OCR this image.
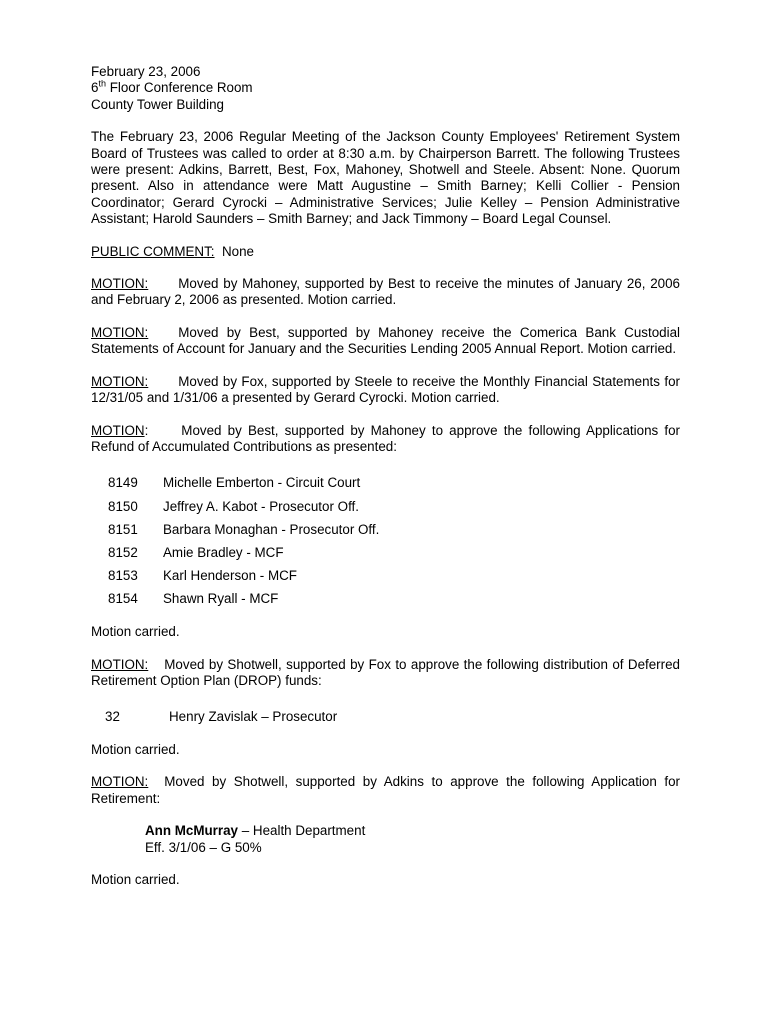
February 23, 2006
6th Floor Conference Room
County Tower Building

The February 23, 2006 Regular Meeting of the Jackson County Employees' Retirement System Board of Trustees was called to order at 8:30 a.m. by Chairperson Barrett. The following Trustees were present: Adkins, Barrett, Best, Fox, Mahoney, Shotwell and Steele. Absent: None. Quorum present. Also in attendance were Matt Augustine – Smith Barney; Kelli Collier - Pension Coordinator; Gerard Cyrocki – Administrative Services; Julie Kelley – Pension Administrative Assistant; Harold Saunders – Smith Barney; and Jack Timmony – Board Legal Counsel.

PUBLIC COMMENT: None

MOTION: Moved by Mahoney, supported by Best to receive the minutes of January 26, 2006 and February 2, 2006 as presented. Motion carried.

MOTION: Moved by Best, supported by Mahoney receive the Comerica Bank Custodial Statements of Account for January and the Securities Lending 2005 Annual Report. Motion carried.

MOTION: Moved by Fox, supported by Steele to receive the Monthly Financial Statements for 12/31/05 and 1/31/06 a presented by Gerard Cyrocki. Motion carried.

MOTION: Moved by Best, supported by Mahoney to approve the following Applications for Refund of Accumulated Contributions as presented:

8149	Michelle Emberton - Circuit Court
8150	Jeffrey A. Kabot - Prosecutor Off.
8151	Barbara Monaghan - Prosecutor Off.
8152	Amie Bradley - MCF
8153	Karl Henderson - MCF
8154	Shawn Ryall - MCF

Motion carried.

MOTION: Moved by Shotwell, supported by Fox to approve the following distribution of Deferred Retirement Option Plan (DROP) funds:

32	Henry Zavislak – Prosecutor

Motion carried.

MOTION: Moved by Shotwell, supported by Adkins to approve the following Application for Retirement:

Ann McMurray – Health Department
Eff. 3/1/06 – G 50%

Motion carried.
